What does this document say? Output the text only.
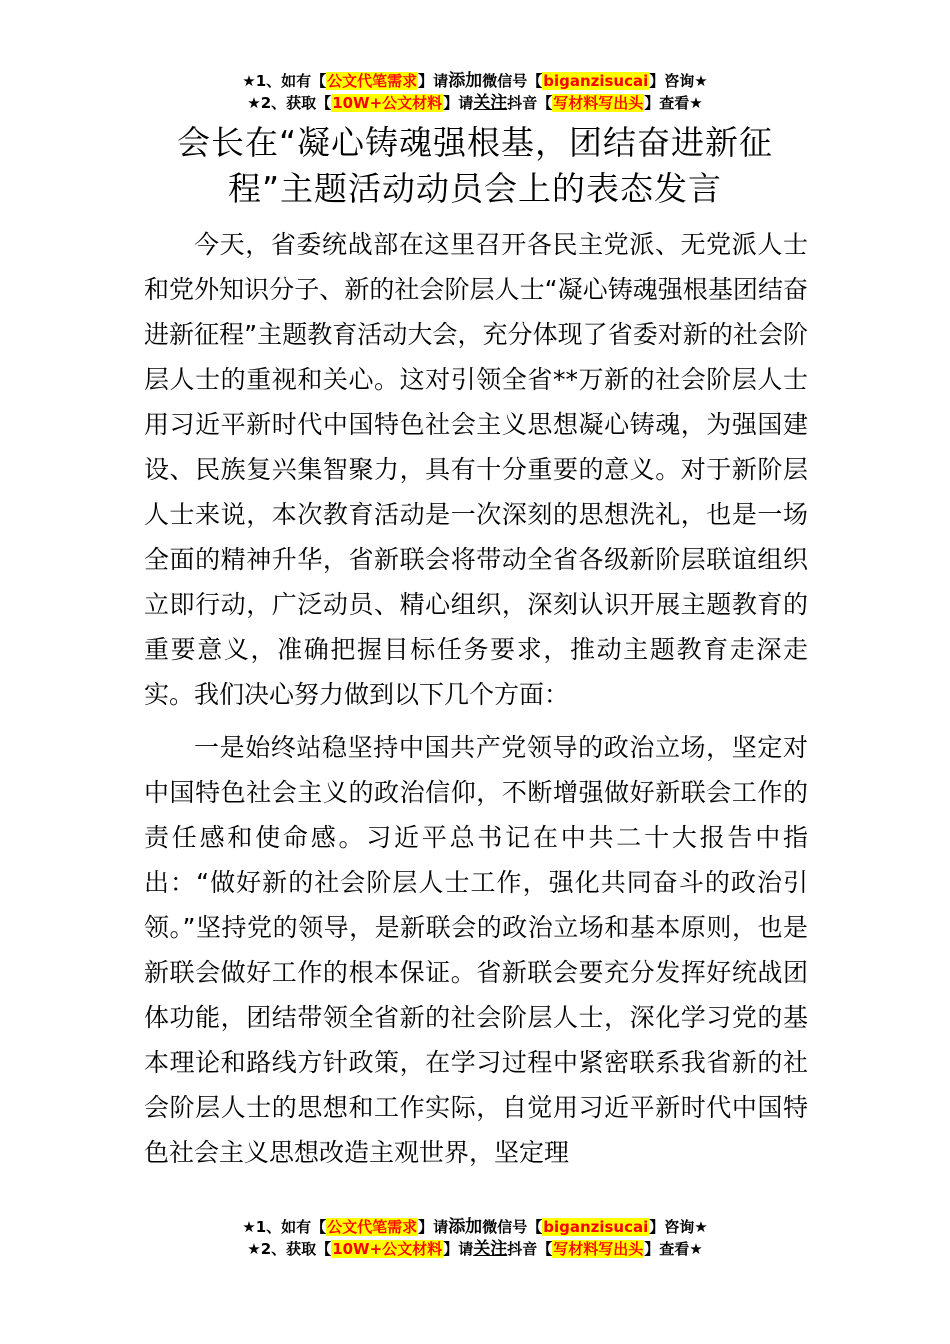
★1、如有【公文代笔需求】请添加微信号【biganzisucai】咨询★
★2、获取【10W+公文材料】请关注抖音【写材料写出头】查看★
会长在“凝心铸魂强根基，团结奋进新征程”主题活动动员会上的表态发言

今天，省委统战部在这里召开各民主党派、无党派人士和党外知识分子、新的社会阶层人士“凝心铸魂强根基团结奋进新征程”主题教育活动大会，充分体现了省委对新的社会阶层人士的重视和关心。这对引领全省**万新的社会阶层人士用习近平新时代中国特色社会主义思想凝心铸魂，为强国建设、民族复兴集智聚力，具有十分重要的意义。对于新阶层人士来说，本次教育活动是一次深刻的思想洗礼，也是一场全面的精神升华，省新联会将带动全省各级新阶层联谊组织立即行动，广泛动员、精心组织，深刻认识开展主题教育的重要意义，准确把握目标任务要求，推动主题教育走深走实。我们决心努力做到以下几个方面：

一是始终站稳坚持中国共产党领导的政治立场，坚定对中国特色社会主义的政治信仰，不断增强做好新联会工作的责任感和使命感。习近平总书记在中共二十大报告中指出：“做好新的社会阶层人士工作，强化共同奋斗的政治引领。”坚持党的领导，是新联会的政治立场和基本原则，也是新联会做好工作的根本保证。省新联会要充分发挥好统战团体功能，团结带领全省新的社会阶层人士，深化学习党的基本理论和路线方针政策，在学习过程中紧密联系我省新的社会阶层人士的思想和工作实际，自觉用习近平新时代中国特色社会主义思想改造主观世界，坚定理

★1、如有【公文代笔需求】请添加微信号【biganzisucai】咨询★
★2、获取【10W+公文材料】请关注抖音【写材料写出头】查看★
